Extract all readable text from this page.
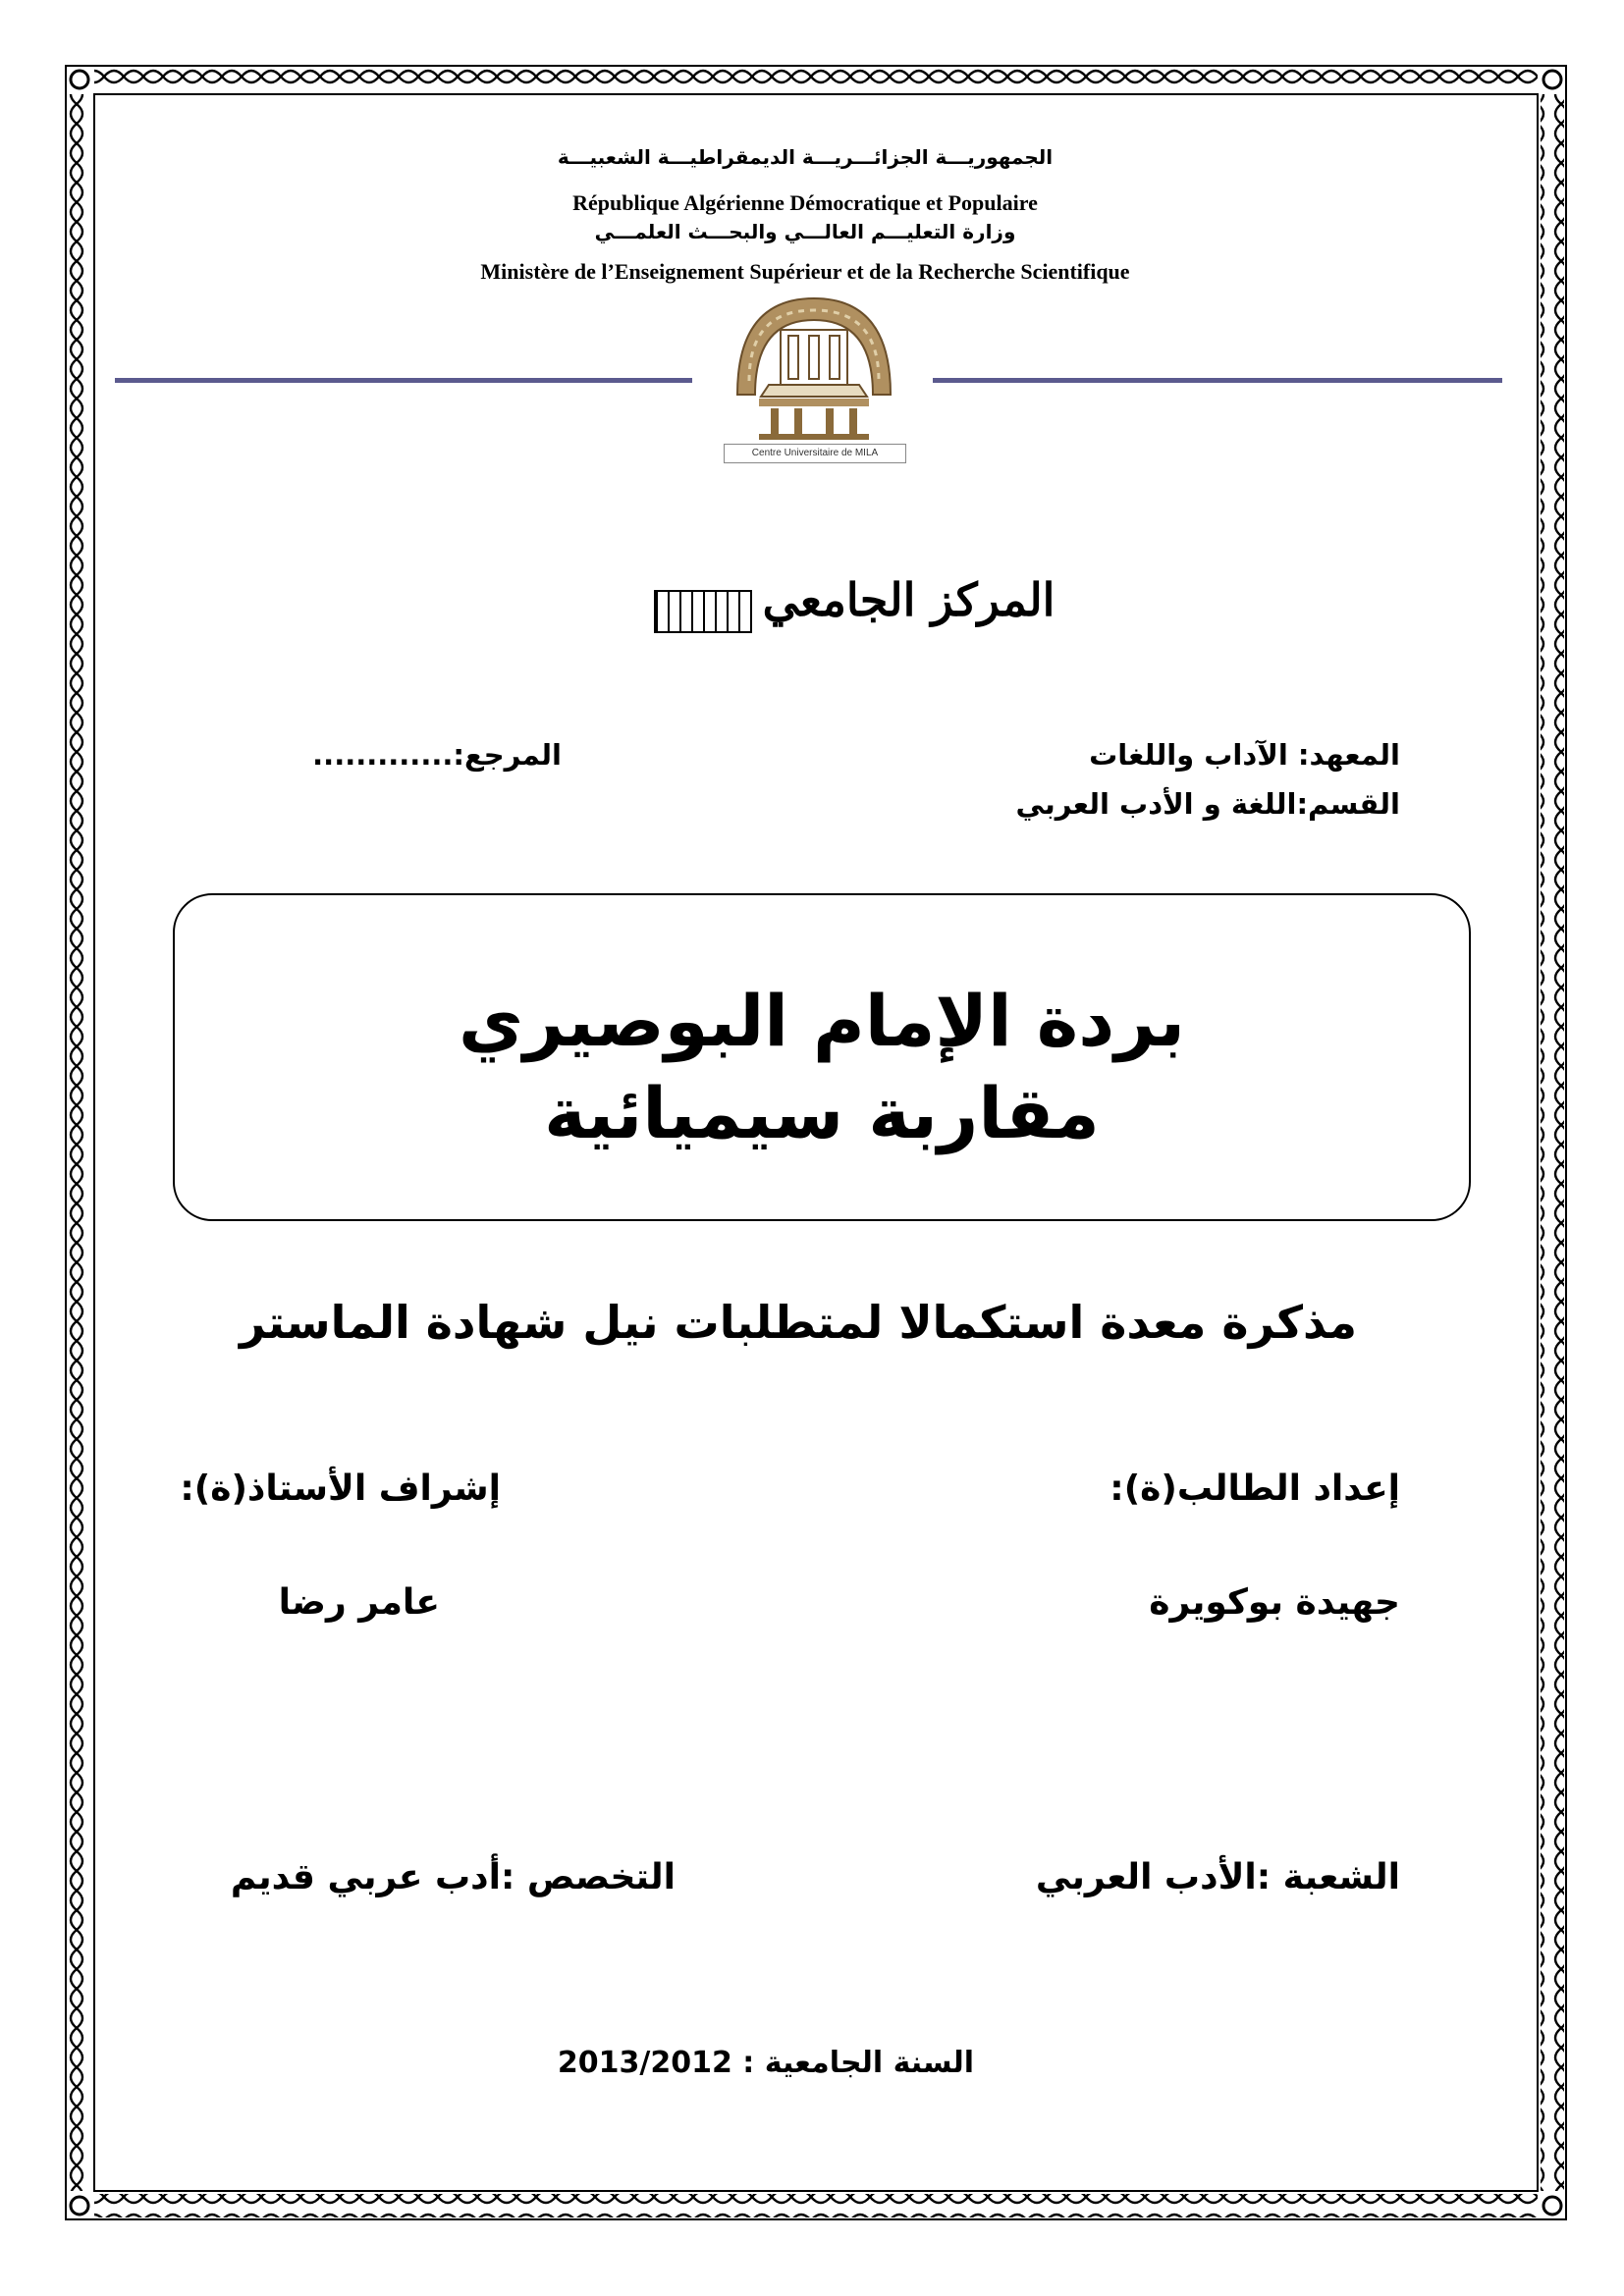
الجمهوريـــة الجزائـــريـــة الديمقراطيـــة الشعبيـــة

République Algérienne Démocratique et Populaire

وزارة التعليـــم العالـــي والبحـــث العلمـــي

Ministère de l’Enseignement Supérieur et de la Recherche Scientifique

Centre Universitaire de MILA
المركز الجامعي

المعهد: الآداب واللغات

القسم:اللغة و الأدب العربي

المرجع:.............

بردة الإمام البوصيري

مقاربة سيميائية

مذكرة معدة استكمالا لمتطلبات نيل شهادة الماستر

إعداد الطالب(ة):

إشراف الأستاذ(ة):

جهيدة بوكويرة

عامر رضا

الشعبة :الأدب العربي

التخصص :أدب عربي قديم

السنة الجامعية : 2013/2012
